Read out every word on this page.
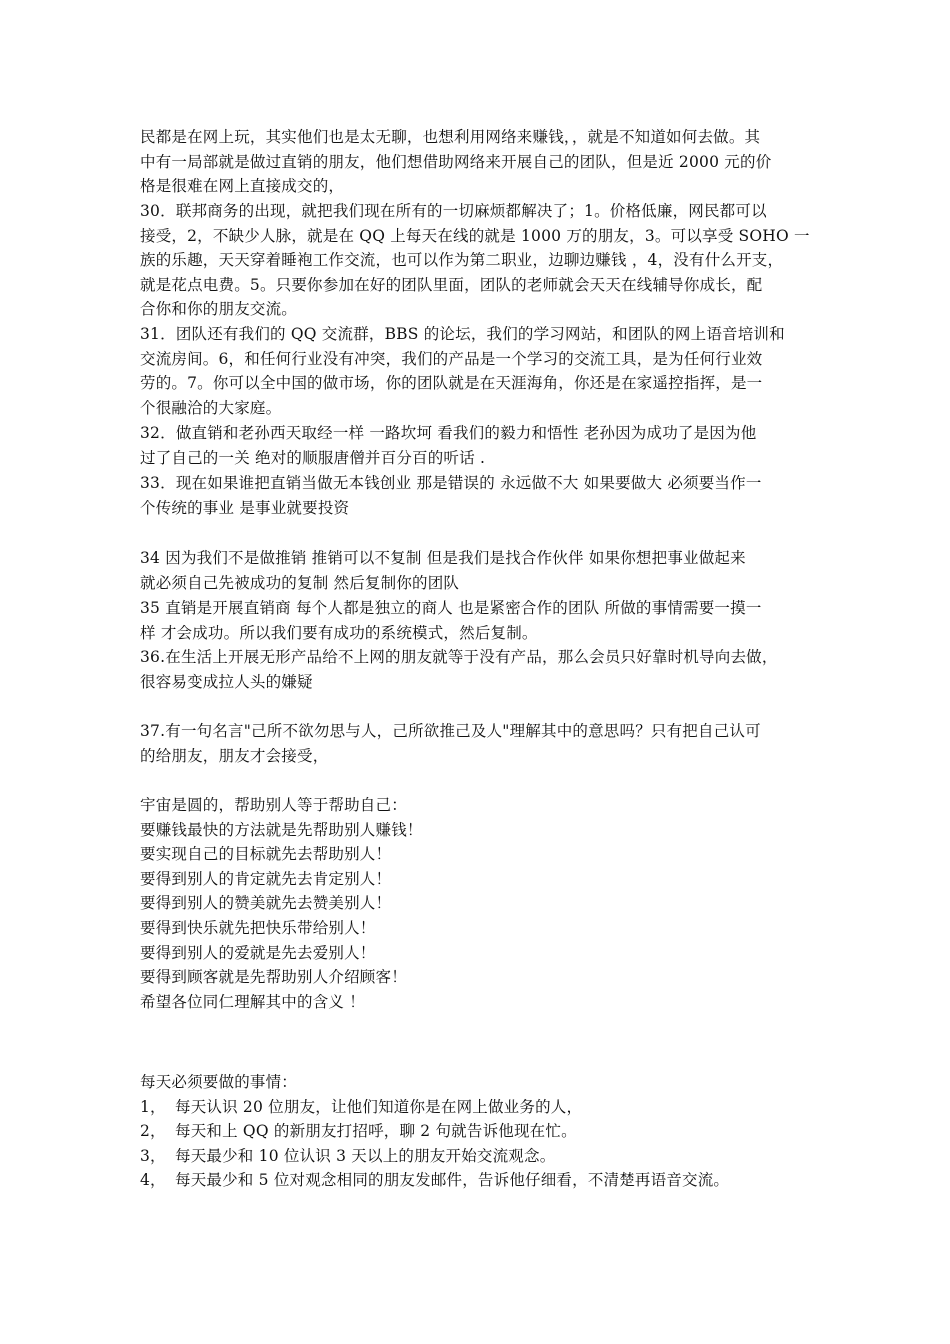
民都是在网上玩，其实他们也是太无聊，也想利用网络来赚钱，，就是不知道如何去做。其
中有一局部就是做过直销的朋友，他们想借助网络来开展自己的团队，但是近 2000 元的价
格是很难在网上直接成交的，
30．联邦商务的出现，就把我们现在所有的一切麻烦都解决了；1。价格低廉，网民都可以
接受，2，不缺少人脉，就是在 QQ 上每天在线的就是 1000 万的朋友，3。可以享受 SOHO 一
族的乐趣，天天穿着睡袍工作交流，也可以作为第二职业，边聊边赚钱 ，4，没有什么开支，
就是花点电费。5。只要你参加在好的团队里面，团队的老师就会天天在线辅导你成长，配
合你和你的朋友交流。
31．团队还有我们的 QQ 交流群，BBS 的论坛，我们的学习网站，和团队的网上语音培训和
交流房间。6，和任何行业没有冲突，我们的产品是一个学习的交流工具，是为任何行业效
劳的。7。你可以全中国的做市场，你的团队就是在天涯海角，你还是在家遥控指挥，是一
个很融洽的大家庭。
32．做直销和老孙西天取经一样 一路坎坷 看我们的毅力和悟性 老孙因为成功了是因为他
过了自己的一关 绝对的顺服唐僧并百分百的听话 .
33．现在如果谁把直销当做无本钱创业 那是错误的 永远做不大 如果要做大 必须要当作一
个传统的事业 是事业就要投资
34 因为我们不是做推销 推销可以不复制 但是我们是找合作伙伴 如果你想把事业做起来
就必须自己先被成功的复制 然后复制你的团队
35 直销是开展直销商 每个人都是独立的商人 也是紧密合作的团队 所做的事情需要一摸一
样 才会成功。所以我们要有成功的系统模式，然后复制。
36.在生活上开展无形产品给不上网的朋友就等于没有产品，那么会员只好靠时机导向去做，
很容易变成拉人头的嫌疑
37.有一句名言"己所不欲勿思与人，己所欲推己及人"理解其中的意思吗？只有把自己认可
的给朋友，朋友才会接受，
宇宙是圆的，帮助别人等于帮助自己：
要赚钱最快的方法就是先帮助别人赚钱！
要实现自己的目标就先去帮助别人！
要得到别人的肯定就先去肯定别人！
要得到别人的赞美就先去赞美别人！
要得到快乐就先把快乐带给别人！
要得到别人的爱就是先去爱别人！
要得到顾客就是先帮助别人介绍顾客！
希望各位同仁理解其中的含义 ！
每天必须要做的事情：
1， 每天认识 20 位朋友，让他们知道你是在网上做业务的人，
2， 每天和上 QQ 的新朋友打招呼，聊 2 句就告诉他现在忙。
3， 每天最少和 10 位认识 3 天以上的朋友开始交流观念。
4， 每天最少和 5 位对观念相同的朋友发邮件，告诉他仔细看，不清楚再语音交流。
